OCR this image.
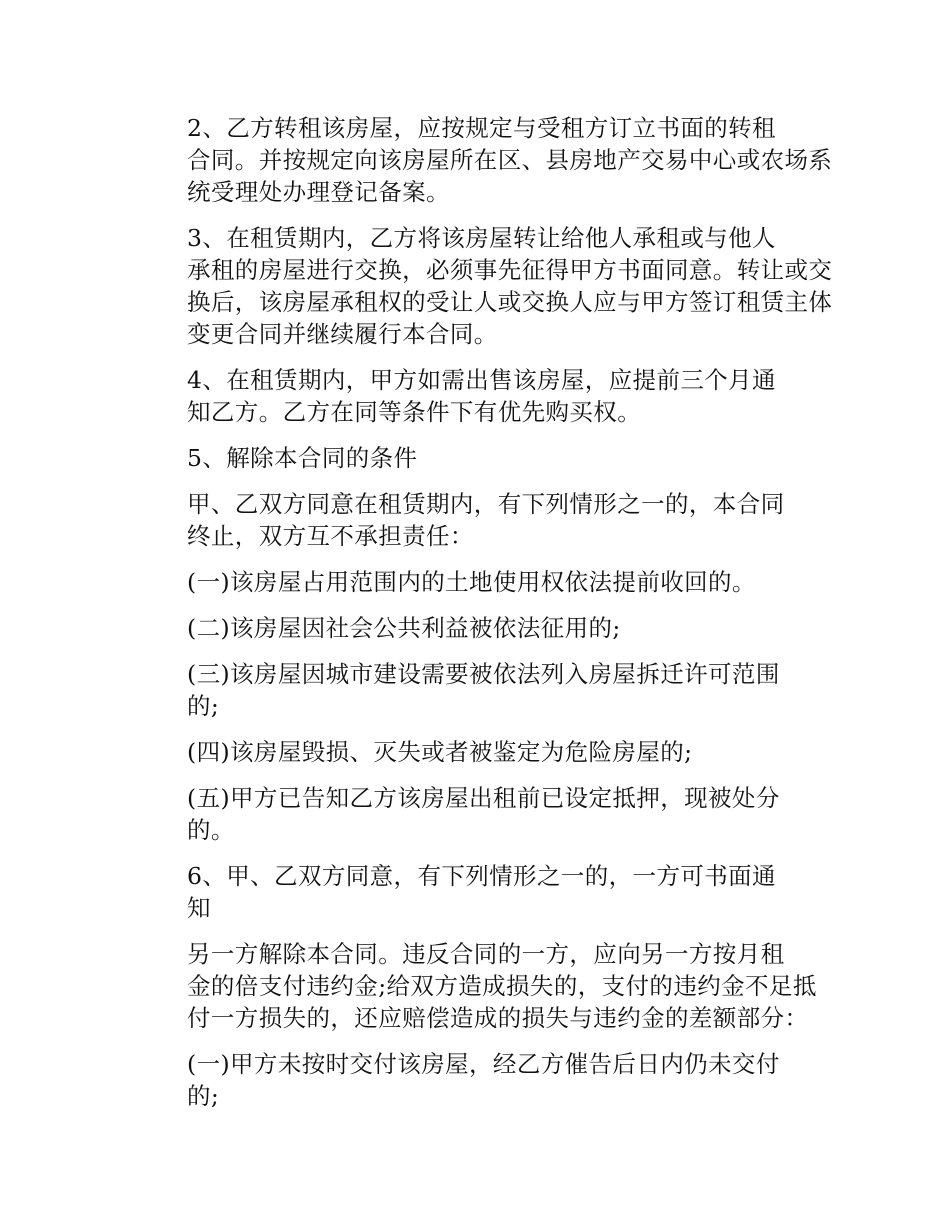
2、乙方转租该房屋，应按规定与受租方订立书面的转租
合同。并按规定向该房屋所在区、县房地产交易中心或农场系
统受理处办理登记备案。

3、在租赁期内，乙方将该房屋转让给他人承租或与他人
承租的房屋进行交换，必须事先征得甲方书面同意。转让或交
换后，该房屋承租权的受让人或交换人应与甲方签订租赁主体
变更合同并继续履行本合同。

4、在租赁期内，甲方如需出售该房屋，应提前三个月通
知乙方。乙方在同等条件下有优先购买权。

5、解除本合同的条件

甲、乙双方同意在租赁期内，有下列情形之一的，本合同
终止，双方互不承担责任：

(一)该房屋占用范围内的土地使用权依法提前收回的。

(二)该房屋因社会公共利益被依法征用的;

(三)该房屋因城市建设需要被依法列入房屋拆迁许可范围
的;

(四)该房屋毁损、灭失或者被鉴定为危险房屋的;

(五)甲方已告知乙方该房屋出租前已设定抵押，现被处分
的。

6、甲、乙双方同意，有下列情形之一的，一方可书面通
知

另一方解除本合同。违反合同的一方，应向另一方按月租
金的倍支付违约金;给双方造成损失的，支付的违约金不足抵
付一方损失的，还应赔偿造成的损失与违约金的差额部分：

(一)甲方未按时交付该房屋，经乙方催告后日内仍未交付
的;
